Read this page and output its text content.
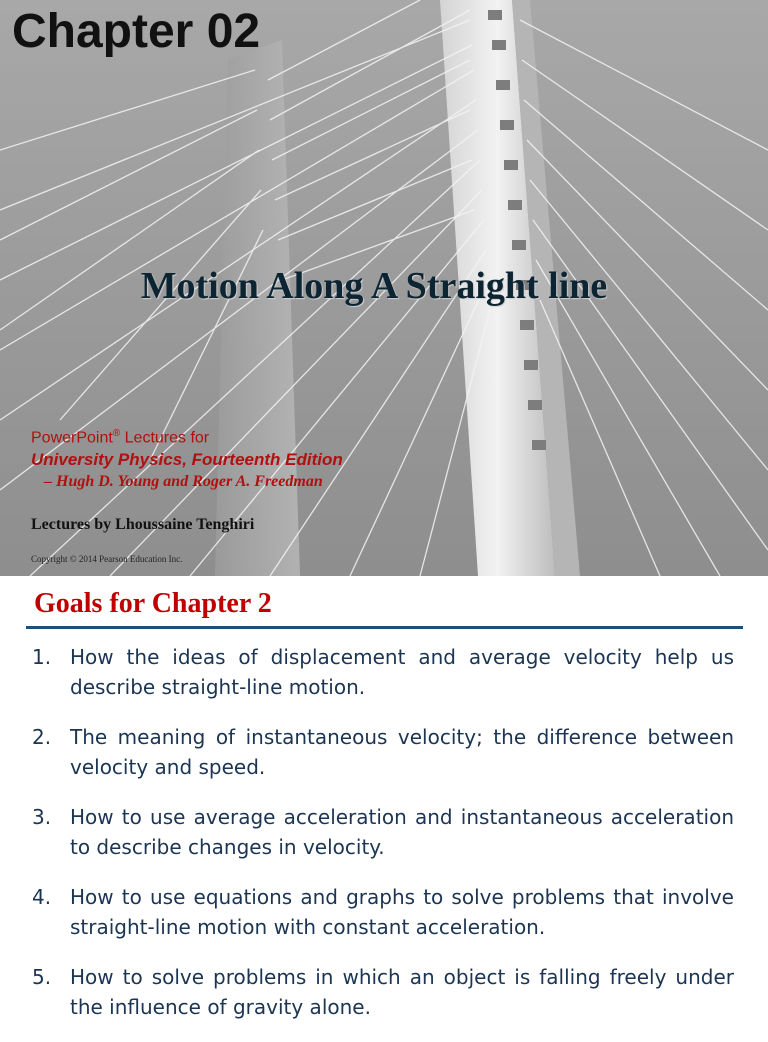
Chapter 02
Motion Along A Straight line
PowerPoint® Lectures for
University Physics, Fourteenth Edition
– Hugh D. Young and Roger A. Freedman
Lectures by Lhoussaine Tenghiri
Copyright © 2014 Pearson Education Inc.
Goals for Chapter 2
1. How the ideas of displacement and average velocity help us describe straight-line motion.
2. The meaning of instantaneous velocity; the difference between velocity and speed.
3. How to use average acceleration and instantaneous acceleration to describe changes in velocity.
4. How to use equations and graphs to solve problems that involve straight-line motion with constant acceleration.
5. How to solve problems in which an object is falling freely under the influence of gravity alone.
